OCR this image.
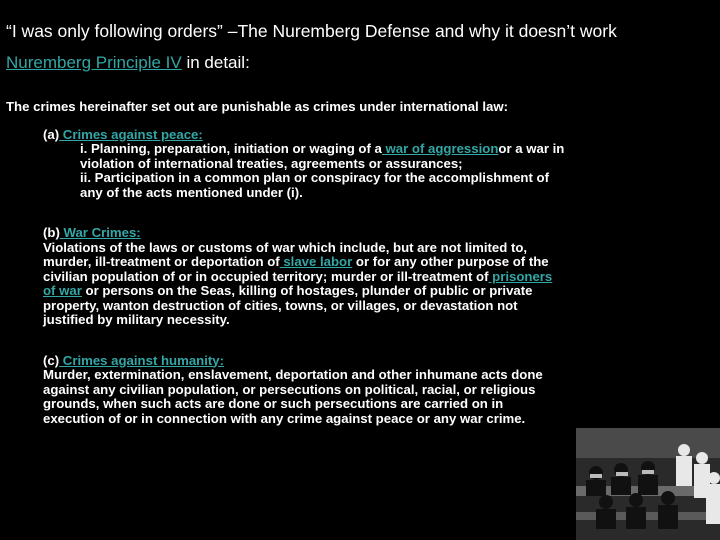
“I was only following orders” –The Nuremberg Defense and why it doesn’t work
Nuremberg Principle IV in detail:

The crimes hereinafter set out are punishable as crimes under international law:

(a) Crimes against peace:

i. Planning, preparation, initiation or waging of a war of aggressionor a war in violation of international treaties, agreements or assurances;

ii. Participation in a common plan or conspiracy for the accomplishment of any of the acts mentioned under (i).

(b) War Crimes:
Violations of the laws or customs of war which include, but are not limited to, murder, ill-treatment or deportation of slave labor or for any other purpose of the civilian population of or in occupied territory; murder or ill-treatment of prisoners of war or persons on the Seas, killing of hostages, plunder of public or private property, wanton destruction of cities, towns, or villages, or devastation not justified by military necessity.

(c) Crimes against humanity:
Murder, extermination, enslavement, deportation and other inhumane acts done against any civilian population, or persecutions on political, racial, or religious grounds, when such acts are done or such persecutions are carried on in execution of or in connection with any crime against peace or any war crime.
